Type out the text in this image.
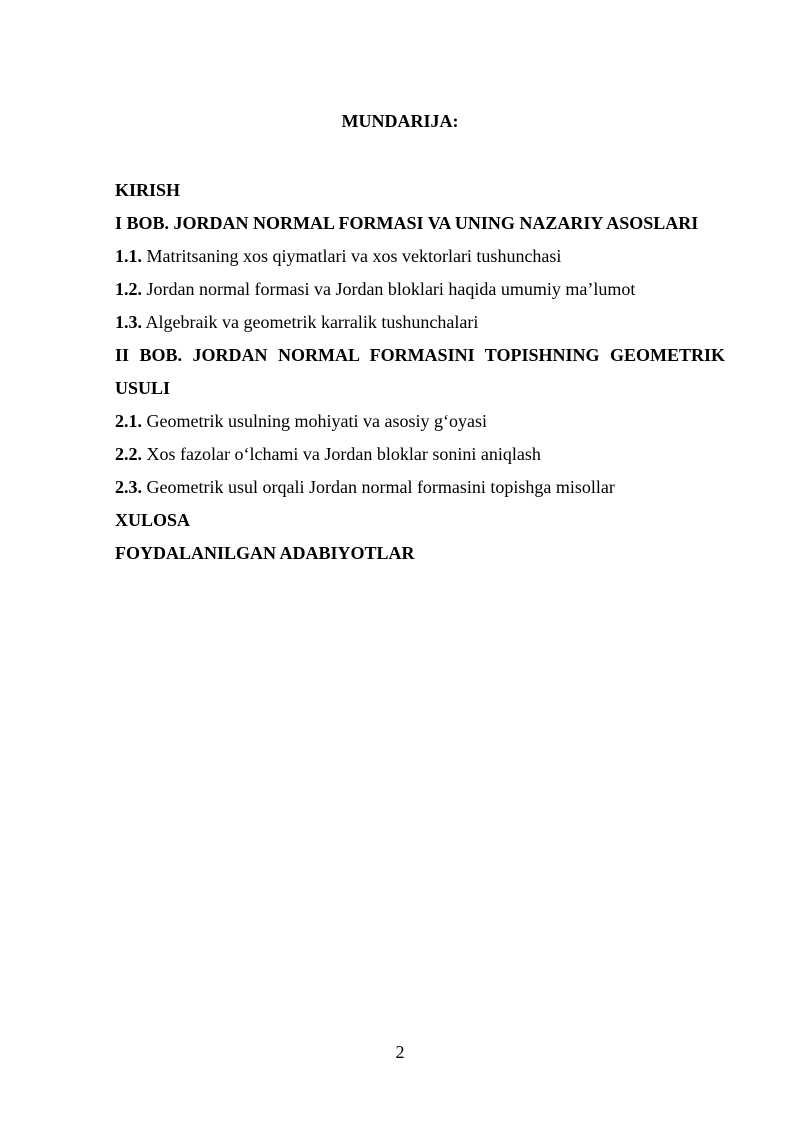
MUNDARIJA:
KIRISH
I BOB. JORDAN NORMAL FORMASI VA UNING NAZARIY ASOSLARI
1.1. Matritsaning xos qiymatlari va xos vektorlari tushunchasi
1.2. Jordan normal formasi va Jordan bloklari haqida umumiy ma’lumot
1.3. Algebraik va geometrik karralik tushunchalari
II BOB. JORDAN NORMAL FORMASINI TOPISHNING GEOMETRIK
USULI
2.1. Geometrik usulning mohiyati va asosiy g‘oyasi
2.2. Xos fazolar o‘lchami va Jordan bloklar sonini aniqlash
2.3. Geometrik usul orqali Jordan normal formasini topishga misollar
XULOSA
FOYDALANILGAN ADABIYOTLAR
2
